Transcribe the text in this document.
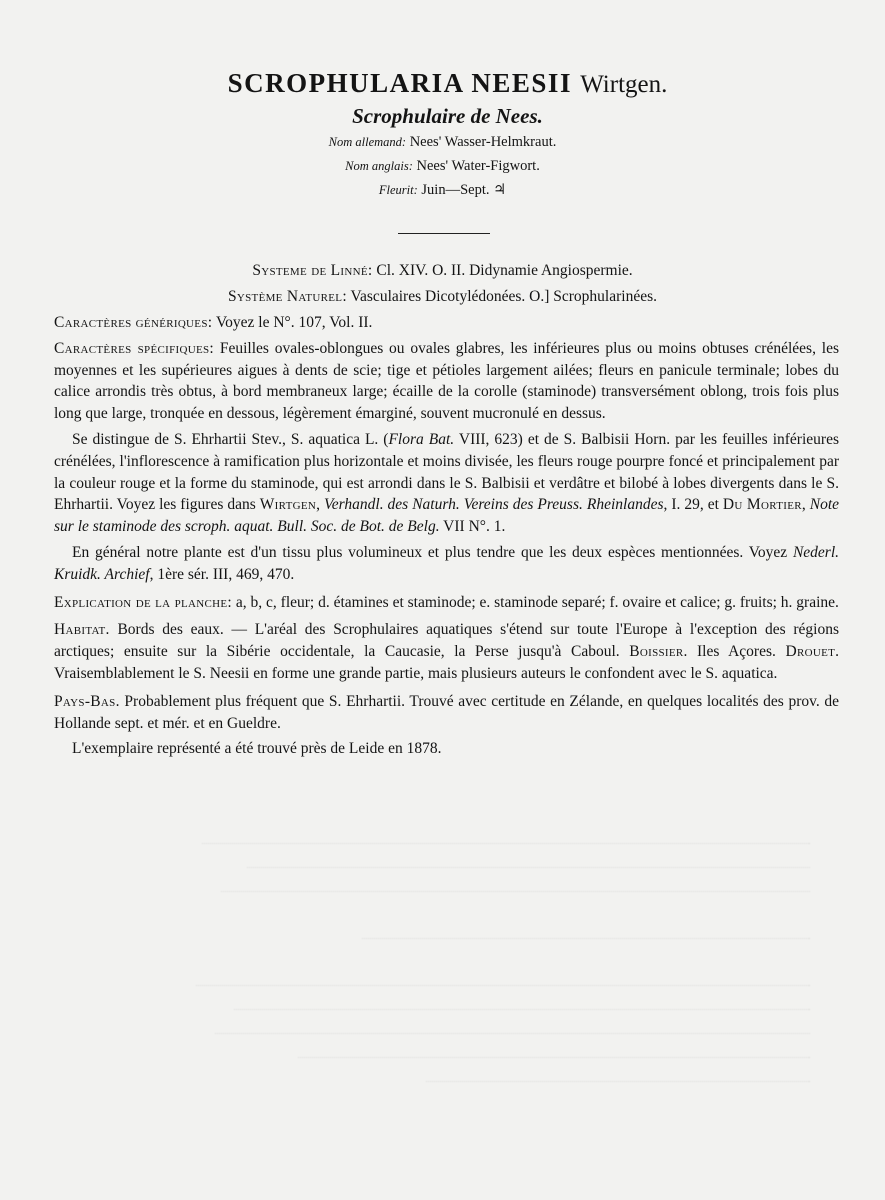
SCROPHULARIA NEESII Wirtgen.
Scrophulaire de Nees.
Nom allemand: Nees' Wasser-Helmkraut.
Nom anglais: Nees' Water-Figwort.
Fleurit: Juin—Sept. ♃
Systeme de Linné: Cl. XIV. O. II. Didynamie Angiospermie.
Système Naturel: Vasculaires Dicotylédonées. O.] Scrophularinées.

Caractères génériques: Voyez le N°. 107, Vol. II.

Caractères spécifiques: Feuilles ovales-oblongues ou ovales glabres, les inférieures plus ou moins obtuses crénélées, les moyennes et les supérieures aigues à dents de scie; tige et pétioles largement ailées; fleurs en panicule terminale; lobes du calice arrondis très obtus, à bord membraneux large; écaille de la corolle (staminode) transversément oblong, trois fois plus long que large, tronquée en dessous, légèrement émarginé, souvent mucronulé en dessus.

Se distingue de S. Ehrhartii Stev., S. aquatica L. (Flora Bat. VIII, 623) et de S. Balbisii Horn. par les feuilles inférieures crénélées, l'inflorescence à ramification plus horizontale et moins divisée, les fleurs rouge pourpre foncé et principalement par la couleur rouge et la forme du staminode, qui est arrondi dans le S. Balbisii et verdâtre et bilobé à lobes divergents dans le S. Ehrhartii. Voyez les figures dans Wirtgen, Verhandl. des Naturh. Vereins des Preuss. Rheinlandes, I. 29, et Du Mortier, Note sur le staminode des scroph. aquat. Bull. Soc. de Bot. de Belg. VII N°. 1.

En général notre plante est d'un tissu plus volumineux et plus tendre que les deux espèces mentionnées. Voyez Nederl. Kruidk. Archief, 1ère sér. III, 469, 470.

Explication de la planche: a, b, c, fleur; d. étamines et staminode; e. staminode separé; f. ovaire et calice; g. fruits; h. graine.

Habitat. Bords des eaux. — L'aréal des Scrophulaires aquatiques s'étend sur toute l'Europe à l'exception des régions arctiques; ensuite sur la Sibérie occidentale, la Caucasie, la Perse jusqu'à Caboul. Boissier. Iles Açores. Drouet. Vraisemblablement le S. Neesii en forme une grande partie, mais plusieurs auteurs le confondent avec le S. aquatica.

Pays-Bas. Probablement plus fréquent que S. Ehrhartii. Trouvé avec certitude en Zélande, en quelques localités des prov. de Hollande sept. et mér. et en Gueldre.

L'exemplaire représenté a été trouvé près de Leide en 1878.
